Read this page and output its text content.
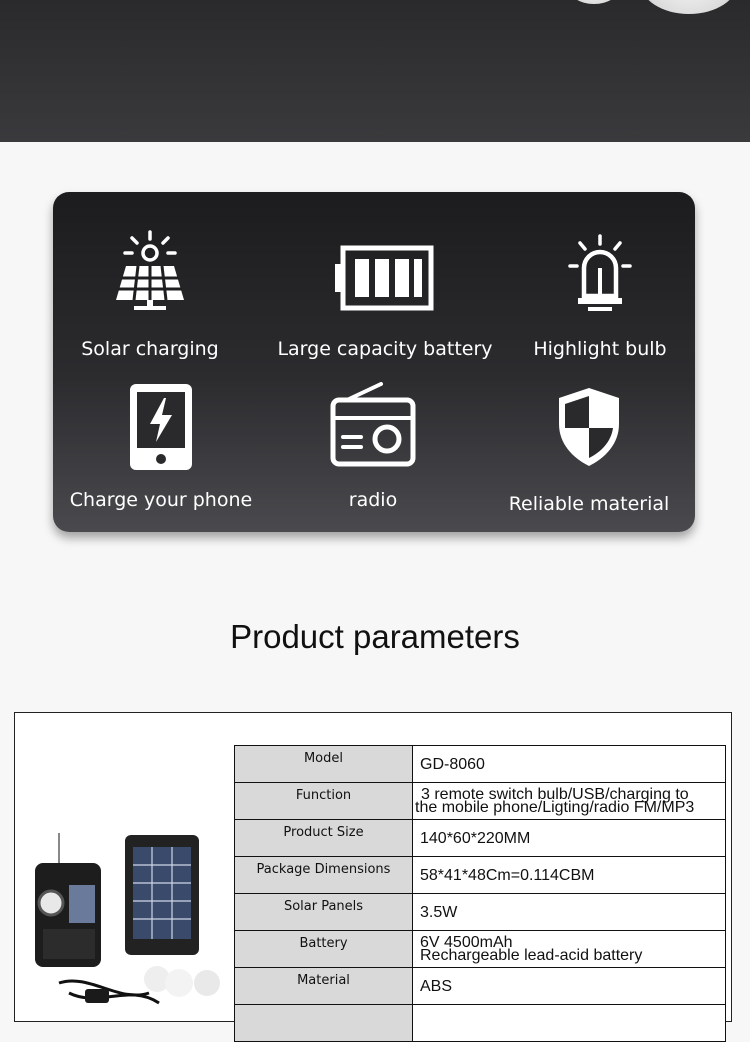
Solar charging	Large capacity battery	Highlight bulb
Charge your phone	radio	Reliable material
Product parameters
Model	GD-8060

Function	3 remote switch bulb/USB/charging to
the mobile phone/Ligting/radio FM/MP3

Product Size	140*60*220MM

Package Dimensions	58*41*48Cm=0.114CBM

Solar Panels	3.5W

Battery	6V 4500mAh
Rechargeable lead-acid battery

Material	ABS
